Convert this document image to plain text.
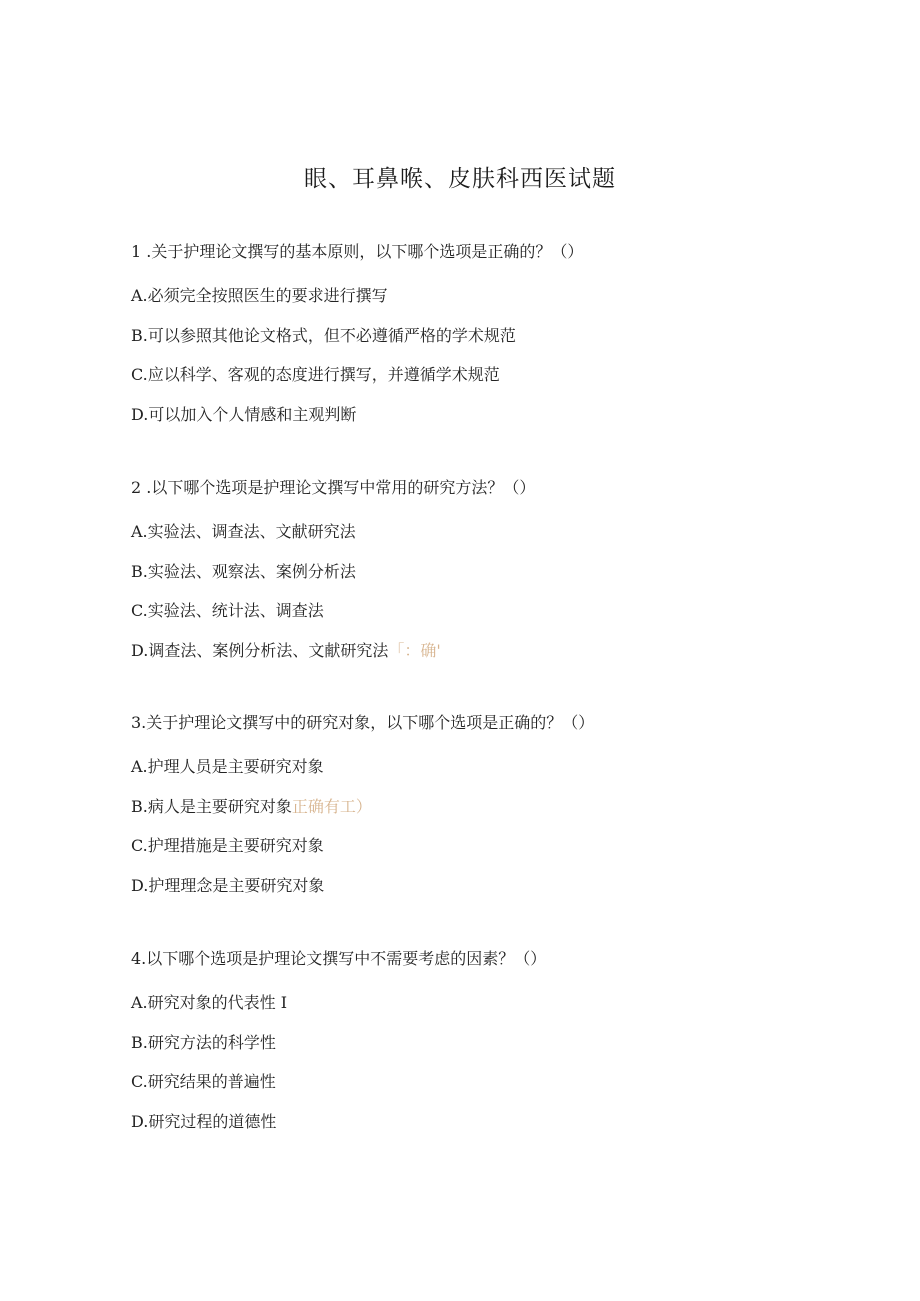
眼、耳鼻喉、皮肤科西医试题
1 .关于护理论文撰写的基本原则，以下哪个选项是正确的？（）
A.必须完全按照医生的要求进行撰写
B.可以参照其他论文格式，但不必遵循严格的学术规范
C.应以科学、客观的态度进行撰写，并遵循学术规范
D.可以加入个人情感和主观判断
2 .以下哪个选项是护理论文撰写中常用的研究方法？（）
A.实验法、调查法、文献研究法
B.实验法、观察法、案例分析法
C.实验法、统计法、调查法
D.调查法、案例分析法、文献研究法「：确'
3.关于护理论文撰写中的研究对象，以下哪个选项是正确的？（）
A.护理人员是主要研究对象
B.病人是主要研究对象正确有工）
C.护理措施是主要研究对象
D.护理理念是主要研究对象
4.以下哪个选项是护理论文撰写中不需要考虑的因素？（）
A.研究对象的代表性 I
B.研究方法的科学性
C.研究结果的普遍性
D.研究过程的道德性
